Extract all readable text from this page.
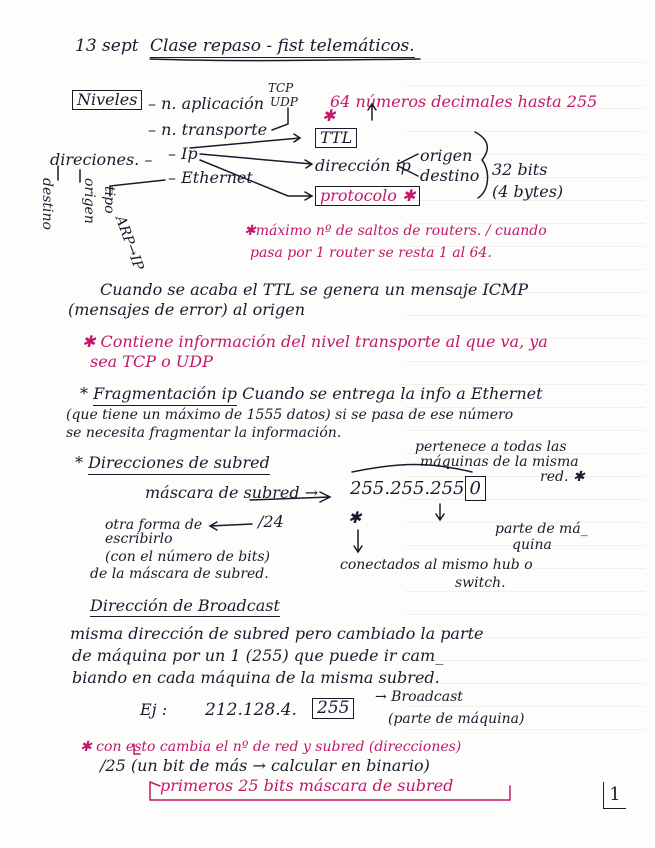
13 sept Clase repaso - fist telemáticos.
Niveles – n. aplicación
TCP
UDP
– n. transporte
direciones. – – Ip
– Ethernet
destino origen tipo
ARP→IP
64 números decimales hasta 255
✱
TTL
dirección ip
origen
destino 32 bits
(4 bytes)
protocolo ✱
✱máximo nº de saltos de routers. / cuando
pasa por 1 router se resta 1 al 64.
Cuando se acaba el TTL se genera un mensaje ICMP
(mensajes de error) al origen
✱ Contiene información del nivel transporte al que va, ya
sea TCP o UDP
* Fragmentación ip Cuando se entrega la info a Ethernet
(que tiene un máximo de 1555 datos) si se pasa de ese número
se necesita fragmentar la información.
* Direcciones de subred
pertenece a todas las
máquinas de la misma
red. ✱
máscara de subred → 255.255.255 0
parte de má_
quina
✱
otra forma de	/24
escribirlo
(con el número de bits)
de la máscara de subred.
conectados al mismo hub o
switch.
Dirección de Broadcast
misma dirección de subred pero cambiado la parte
de máquina por un 1 (255) que puede ir cam_
biando en cada máquina de la misma subred.
Ej : 212.128.4. 255
→ Broadcast
(parte de máquina)
✱ con esto cambia el nº de red y subred (direcciones)
/25 (un bit de más → calcular en binario)
primeros 25 bits máscara de subred	1
